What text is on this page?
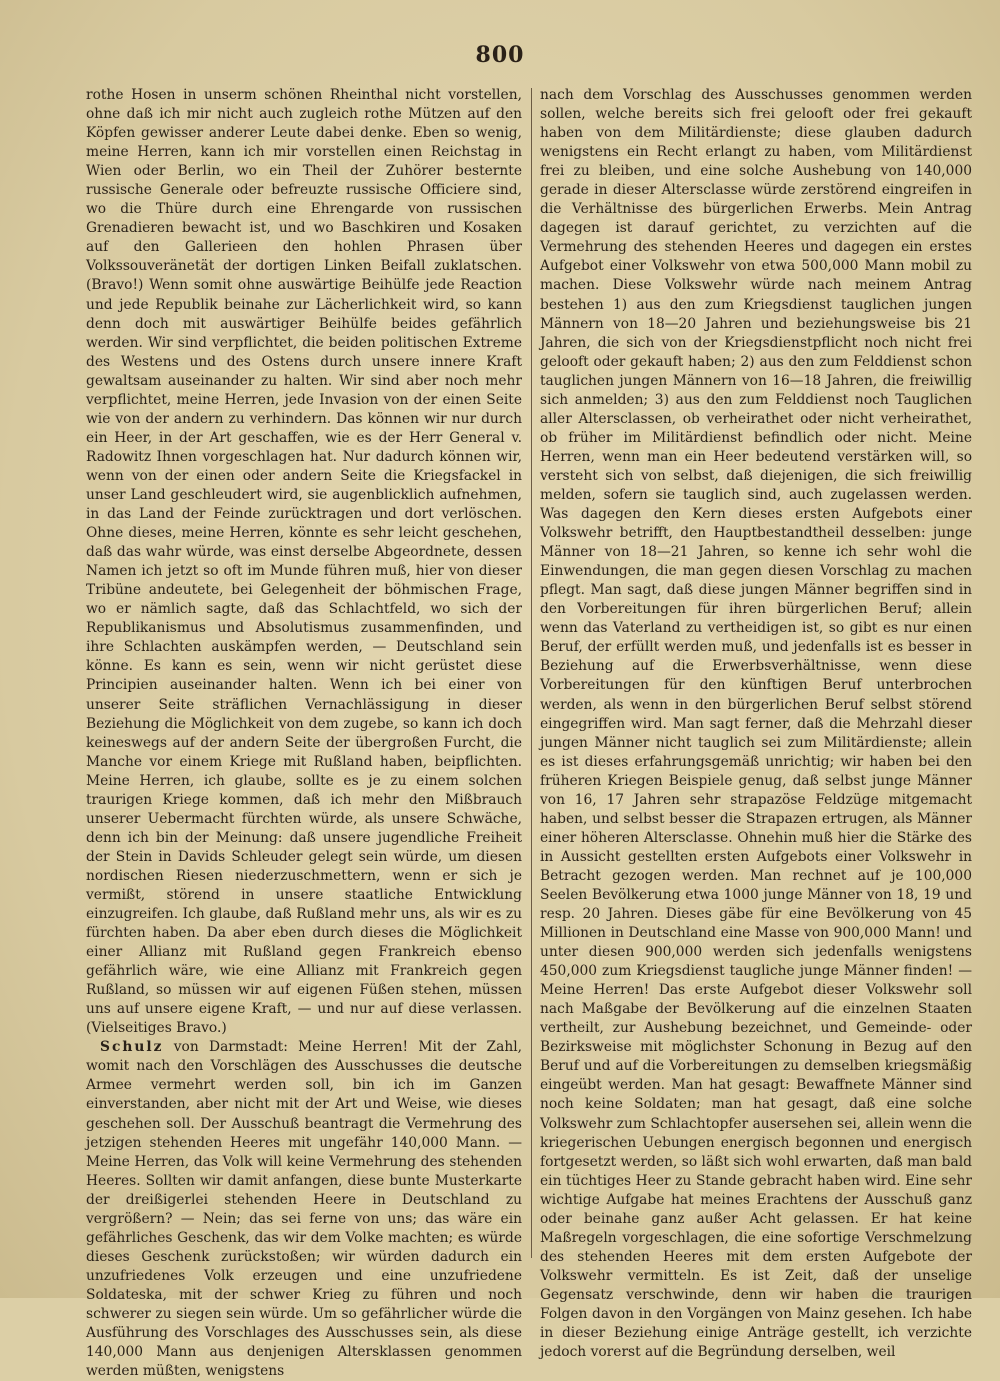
800

rothe Hosen in unserm schönen Rheinthal nicht vorstellen, ohne daß ich mir nicht auch zugleich rothe Mützen auf den Köpfen gewisser anderer Leute dabei denke. Eben so wenig, meine Herren, kann ich mir vorstellen einen Reichstag in Wien oder Berlin, wo ein Theil der Zuhörer besternte russische Generale oder befreuzte russische Officiere sind, wo die Thüre durch eine Ehrengarde von russischen Grenadieren bewacht ist, und wo Baschkiren und Kosaken auf den Gallerieen den hohlen Phrasen über Volkssouveränetät der dortigen Linken Beifall zuklatschen. (Bravo!) Wenn somit ohne auswärtige Beihülfe jede Reaction und jede Republik beinahe zur Lächerlichkeit wird, so kann denn doch mit auswärtiger Beihülfe beides gefährlich werden. Wir sind verpflichtet, die beiden politischen Extreme des Westens und des Ostens durch unsere innere Kraft gewaltsam auseinander zu halten. Wir sind aber noch mehr verpflichtet, meine Herren, jede Invasion von der einen Seite wie von der andern zu verhindern. Das können wir nur durch ein Heer, in der Art geschaffen, wie es der Herr General v. Radowitz Ihnen vorgeschlagen hat. Nur dadurch können wir, wenn von der einen oder andern Seite die Kriegsfackel in unser Land geschleudert wird, sie augenblicklich aufnehmen, in das Land der Feinde zurücktragen und dort verlöschen. Ohne dieses, meine Herren, könnte es sehr leicht geschehen, daß das wahr würde, was einst derselbe Abgeordnete, dessen Namen ich jetzt so oft im Munde führen muß, hier von dieser Tribüne andeutete, bei Gelegenheit der böhmischen Frage, wo er nämlich sagte, daß das Schlachtfeld, wo sich der Republikanismus und Absolutismus zusammenfinden, und ihre Schlachten auskämpfen werden, — Deutschland sein könne. Es kann es sein, wenn wir nicht gerüstet diese Principien auseinander halten. Wenn ich bei einer von unserer Seite sträflichen Vernachlässigung in dieser Beziehung die Möglichkeit von dem zugebe, so kann ich doch keineswegs auf der andern Seite der übergroßen Furcht, die Manche vor einem Kriege mit Rußland haben, beipflichten. Meine Herren, ich glaube, sollte es je zu einem solchen traurigen Kriege kommen, daß ich mehr den Mißbrauch unserer Uebermacht fürchten würde, als unsere Schwäche, denn ich bin der Meinung: daß unsere jugendliche Freiheit der Stein in Davids Schleuder gelegt sein würde, um diesen nordischen Riesen niederzuschmettern, wenn er sich je vermißt, störend in unsere staatliche Entwicklung einzugreifen. Ich glaube, daß Rußland mehr uns, als wir es zu fürchten haben. Da aber eben durch dieses die Möglichkeit einer Allianz mit Rußland gegen Frankreich ebenso gefährlich wäre, wie eine Allianz mit Frankreich gegen Rußland, so müssen wir auf eigenen Füßen stehen, müssen uns auf unsere eigene Kraft, — und nur auf diese verlassen. (Vielseitiges Bravo.)

Schulz von Darmstadt: Meine Herren! Mit der Zahl, womit nach den Vorschlägen des Ausschusses die deutsche Armee vermehrt werden soll, bin ich im Ganzen einverstanden, aber nicht mit der Art und Weise, wie dieses geschehen soll. Der Ausschuß beantragt die Vermehrung des jetzigen stehenden Heeres mit ungefähr 140,000 Mann. — Meine Herren, das Volk will keine Vermehrung des stehenden Heeres. Sollten wir damit anfangen, diese bunte Musterkarte der dreißigerlei stehenden Heere in Deutschland zu vergrößern? — Nein; das sei ferne von uns; das wäre ein gefährliches Geschenk, das wir dem Volke machten; es würde dieses Geschenk zurückstoßen; wir würden dadurch ein unzufriedenes Volk erzeugen und eine unzufriedene Soldateska, mit der schwer Krieg zu führen und noch schwerer zu siegen sein würde. Um so gefährlicher würde die Ausführung des Vorschlages des Ausschusses sein, als diese 140,000 Mann aus denjenigen Altersklassen genommen werden müßten, wenigstens

nach dem Vorschlag des Ausschusses genommen werden sollen, welche bereits sich frei gelooft oder frei gekauft haben von dem Militärdienste; diese glauben dadurch wenigstens ein Recht erlangt zu haben, vom Militärdienst frei zu bleiben, und eine solche Aushebung von 140,000 gerade in dieser Altersclasse würde zerstörend eingreifen in die Verhältnisse des bürgerlichen Erwerbs. Mein Antrag dagegen ist darauf gerichtet, zu verzichten auf die Vermehrung des stehenden Heeres und dagegen ein erstes Aufgebot einer Volkswehr von etwa 500,000 Mann mobil zu machen. Diese Volkswehr würde nach meinem Antrag bestehen 1) aus den zum Kriegsdienst tauglichen jungen Männern von 18—20 Jahren und beziehungsweise bis 21 Jahren, die sich von der Kriegsdienstpflicht noch nicht frei gelooft oder gekauft haben; 2) aus den zum Felddienst schon tauglichen jungen Männern von 16—18 Jahren, die freiwillig sich anmelden; 3) aus den zum Felddienst noch Tauglichen aller Altersclassen, ob verheirathet oder nicht verheirathet, ob früher im Militärdienst befindlich oder nicht. Meine Herren, wenn man ein Heer bedeutend verstärken will, so versteht sich von selbst, daß diejenigen, die sich freiwillig melden, sofern sie tauglich sind, auch zugelassen werden. Was dagegen den Kern dieses ersten Aufgebots einer Volkswehr betrifft, den Hauptbestandtheil desselben: junge Männer von 18—21 Jahren, so kenne ich sehr wohl die Einwendungen, die man gegen diesen Vorschlag zu machen pflegt. Man sagt, daß diese jungen Männer begriffen sind in den Vorbereitungen für ihren bürgerlichen Beruf; allein wenn das Vaterland zu vertheidigen ist, so gibt es nur einen Beruf, der erfüllt werden muß, und jedenfalls ist es besser in Beziehung auf die Erwerbsverhältnisse, wenn diese Vorbereitungen für den künftigen Beruf unterbrochen werden, als wenn in den bürgerlichen Beruf selbst störend eingegriffen wird. Man sagt ferner, daß die Mehrzahl dieser jungen Männer nicht tauglich sei zum Militärdienste; allein es ist dieses erfahrungsgemäß unrichtig; wir haben bei den früheren Kriegen Beispiele genug, daß selbst junge Männer von 16, 17 Jahren sehr strapazöse Feldzüge mitgemacht haben, und selbst besser die Strapazen ertrugen, als Männer einer höheren Altersclasse. Ohnehin muß hier die Stärke des in Aussicht gestellten ersten Aufgebots einer Volkswehr in Betracht gezogen werden. Man rechnet auf je 100,000 Seelen Bevölkerung etwa 1000 junge Männer von 18, 19 und resp. 20 Jahren. Dieses gäbe für eine Bevölkerung von 45 Millionen in Deutschland eine Masse von 900,000 Mann! und unter diesen 900,000 werden sich jedenfalls wenigstens 450,000 zum Kriegsdienst taugliche junge Männer finden! — Meine Herren! Das erste Aufgebot dieser Volkswehr soll nach Maßgabe der Bevölkerung auf die einzelnen Staaten vertheilt, zur Aushebung bezeichnet, und Gemeinde- oder Bezirksweise mit möglichster Schonung in Bezug auf den Beruf und auf die Vorbereitungen zu demselben kriegsmäßig eingeübt werden. Man hat gesagt: Bewaffnete Männer sind noch keine Soldaten; man hat gesagt, daß eine solche Volkswehr zum Schlachtopfer ausersehen sei, allein wenn die kriegerischen Uebungen energisch begonnen und energisch fortgesetzt werden, so läßt sich wohl erwarten, daß man bald ein tüchtiges Heer zu Stande gebracht haben wird. Eine sehr wichtige Aufgabe hat meines Erachtens der Ausschuß ganz oder beinahe ganz außer Acht gelassen. Er hat keine Maßregeln vorgeschlagen, die eine sofortige Verschmelzung des stehenden Heeres mit dem ersten Aufgebote der Volkswehr vermitteln. Es ist Zeit, daß der unselige Gegensatz verschwinde, denn wir haben die traurigen Folgen davon in den Vorgängen von Mainz gesehen. Ich habe in dieser Beziehung einige Anträge gestellt, ich verzichte jedoch vorerst auf die Begründung derselben, weil
